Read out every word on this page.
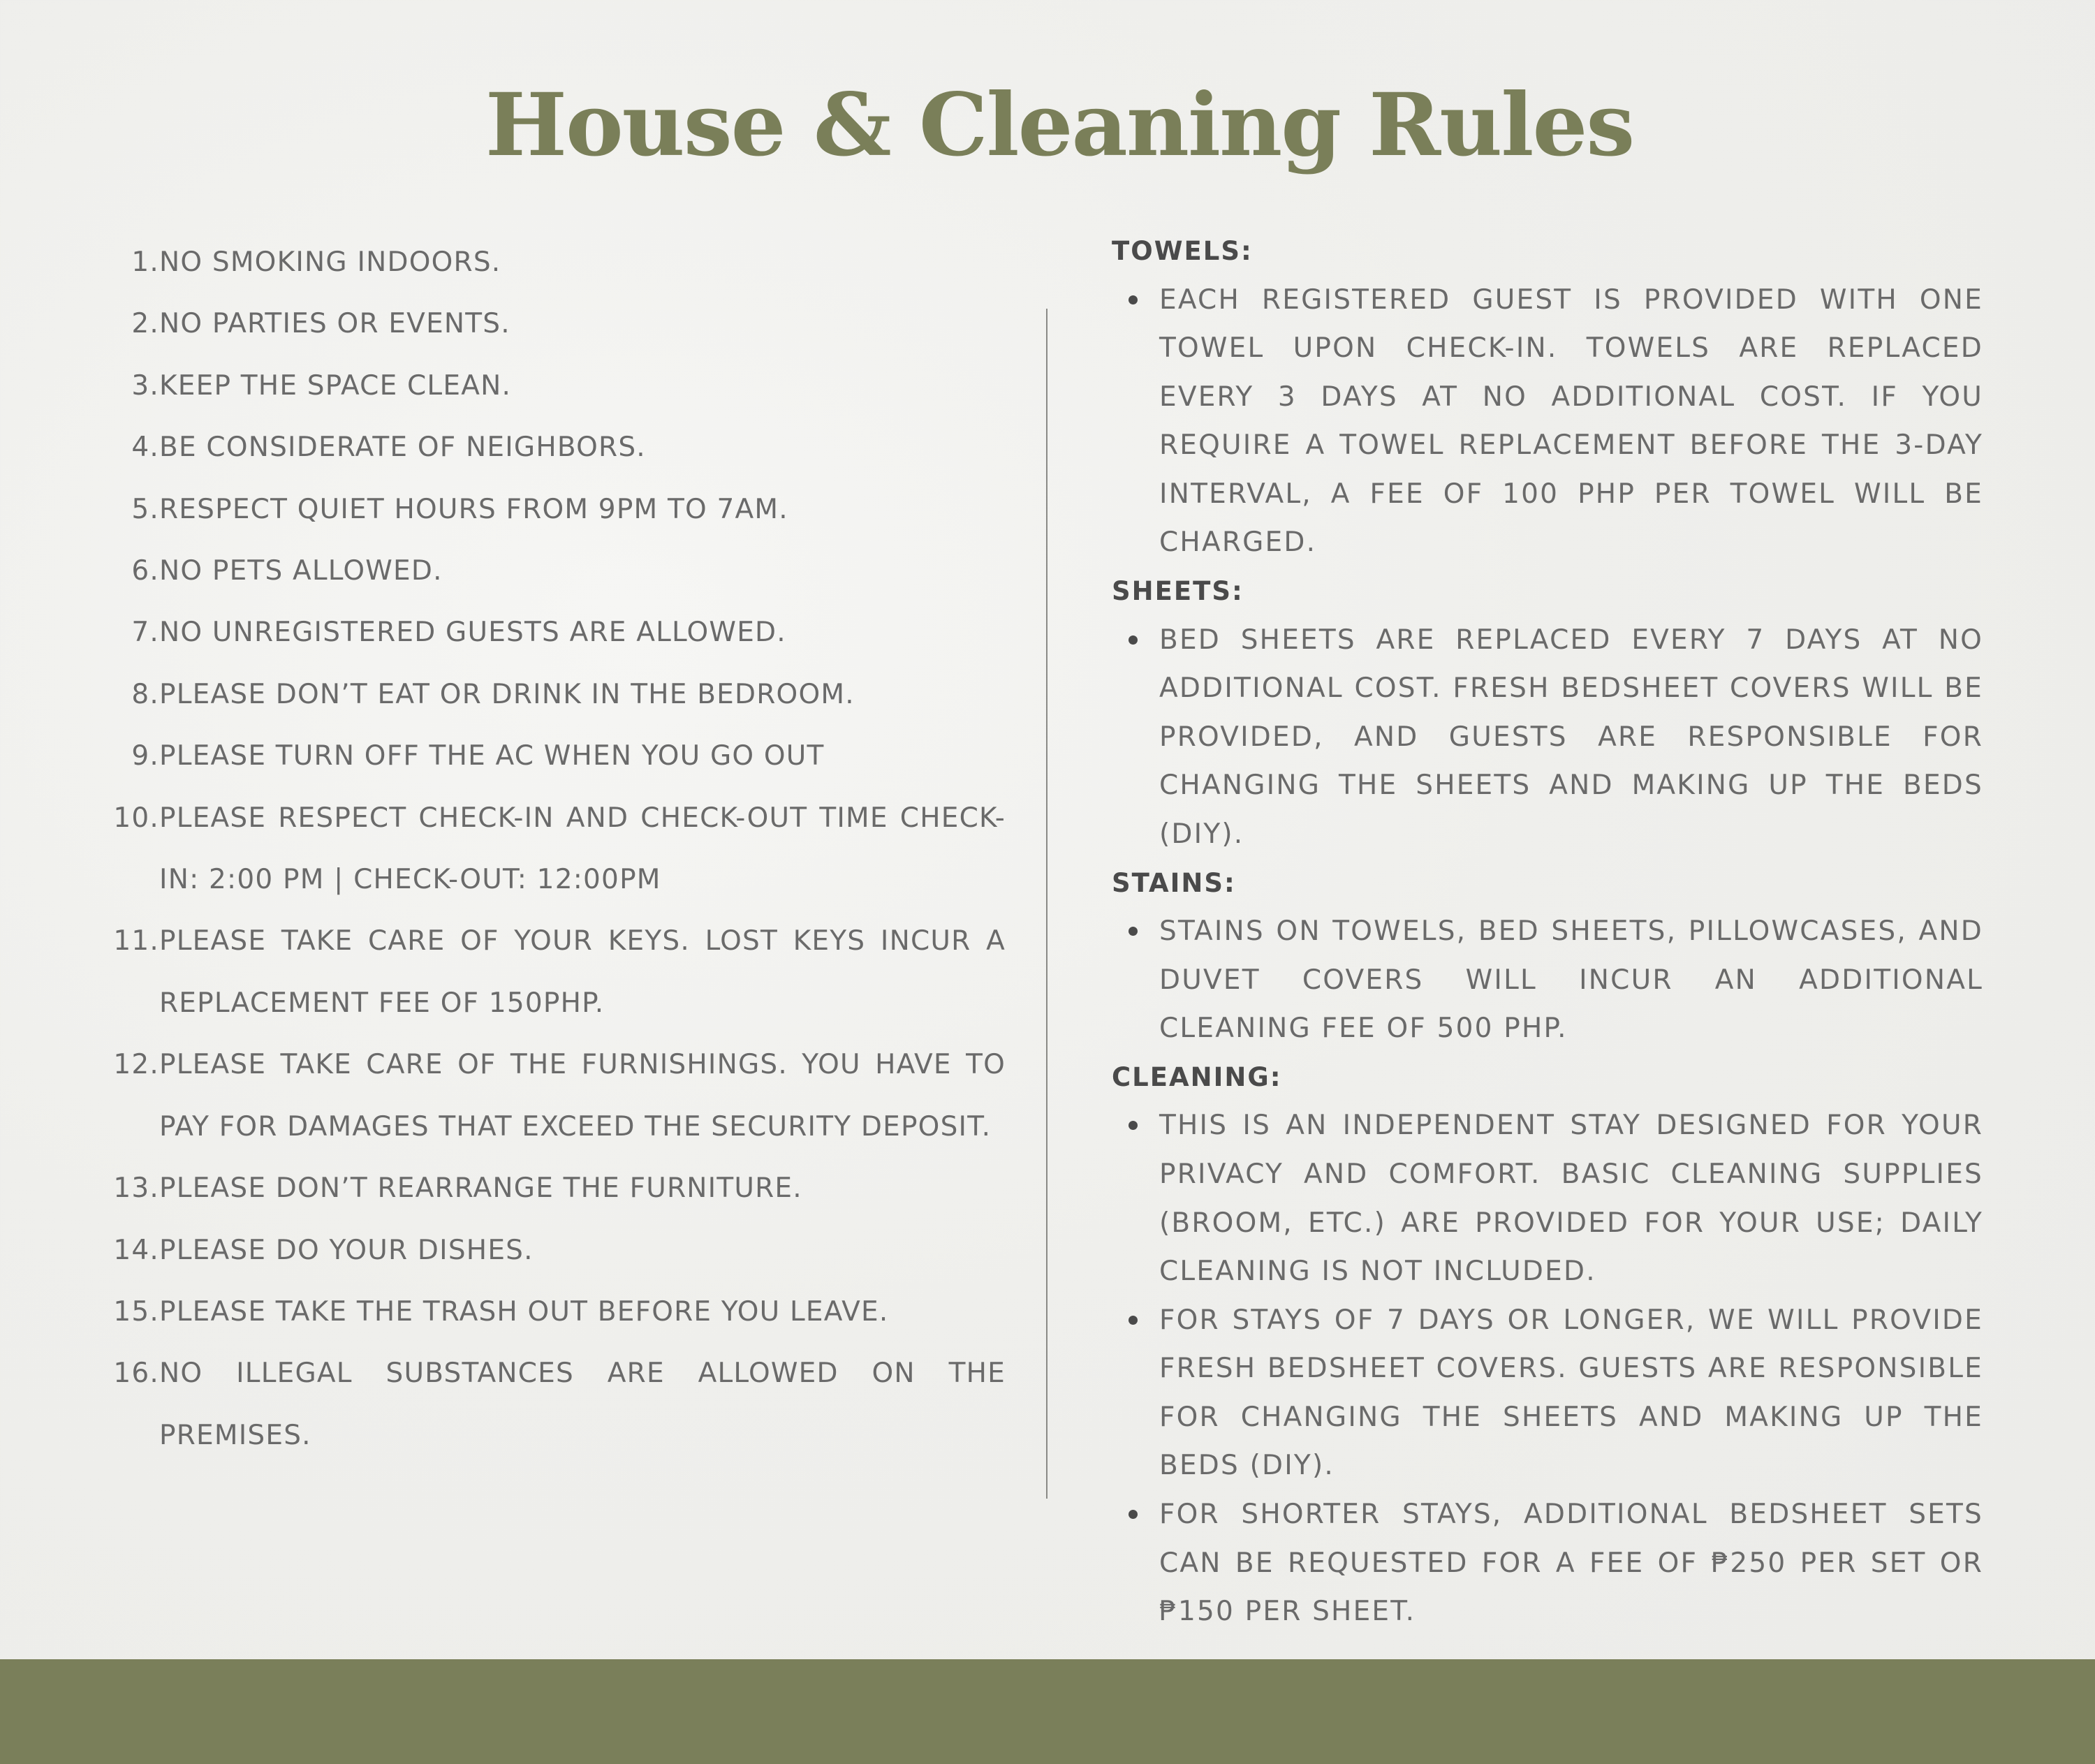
House & Cleaning Rules
1. NO SMOKING INDOORS.
2. NO PARTIES OR EVENTS.
3. KEEP THE SPACE CLEAN.
4. BE CONSIDERATE OF NEIGHBORS.
5. RESPECT QUIET HOURS FROM 9PM TO 7AM.
6. NO PETS ALLOWED.
7. NO UNREGISTERED GUESTS ARE ALLOWED.
8. PLEASE DON’T EAT OR DRINK IN THE BEDROOM.
9. PLEASE TURN OFF THE AC WHEN YOU GO OUT
10. PLEASE RESPECT CHECK-IN AND CHECK-OUT TIME CHECK-IN: 2:00 PM | CHECK-OUT: 12:00PM
11. PLEASE TAKE CARE OF YOUR KEYS. LOST KEYS INCUR A REPLACEMENT FEE OF 150PHP.
12. PLEASE TAKE CARE OF THE FURNISHINGS. YOU HAVE TO PAY FOR DAMAGES THAT EXCEED THE SECURITY DEPOSIT.
13. PLEASE DON’T REARRANGE THE FURNITURE.
14. PLEASE DO YOUR DISHES.
15. PLEASE TAKE THE TRASH OUT BEFORE YOU LEAVE.
16. NO ILLEGAL SUBSTANCES ARE ALLOWED ON THE PREMISES.
TOWELS:
EACH REGISTERED GUEST IS PROVIDED WITH ONE TOWEL UPON CHECK-IN. TOWELS ARE REPLACED EVERY 3 DAYS AT NO ADDITIONAL COST. IF YOU REQUIRE A TOWEL REPLACEMENT BEFORE THE 3-DAY INTERVAL, A FEE OF 100 PHP PER TOWEL WILL BE CHARGED.
SHEETS:
BED SHEETS ARE REPLACED EVERY 7 DAYS AT NO ADDITIONAL COST. FRESH BEDSHEET COVERS WILL BE PROVIDED, AND GUESTS ARE RESPONSIBLE FOR CHANGING THE SHEETS AND MAKING UP THE BEDS (DIY).
STAINS:
STAINS ON TOWELS, BED SHEETS, PILLOWCASES, AND DUVET COVERS WILL INCUR AN ADDITIONAL CLEANING FEE OF 500 PHP.
CLEANING:
THIS IS AN INDEPENDENT STAY DESIGNED FOR YOUR PRIVACY AND COMFORT. BASIC CLEANING SUPPLIES (BROOM, ETC.) ARE PROVIDED FOR YOUR USE; DAILY CLEANING IS NOT INCLUDED.
FOR STAYS OF 7 DAYS OR LONGER, WE WILL PROVIDE FRESH BEDSHEET COVERS. GUESTS ARE RESPONSIBLE FOR CHANGING THE SHEETS AND MAKING UP THE BEDS (DIY).
FOR SHORTER STAYS, ADDITIONAL BEDSHEET SETS CAN BE REQUESTED FOR A FEE OF ₱250 PER SET OR ₱150 PER SHEET.
